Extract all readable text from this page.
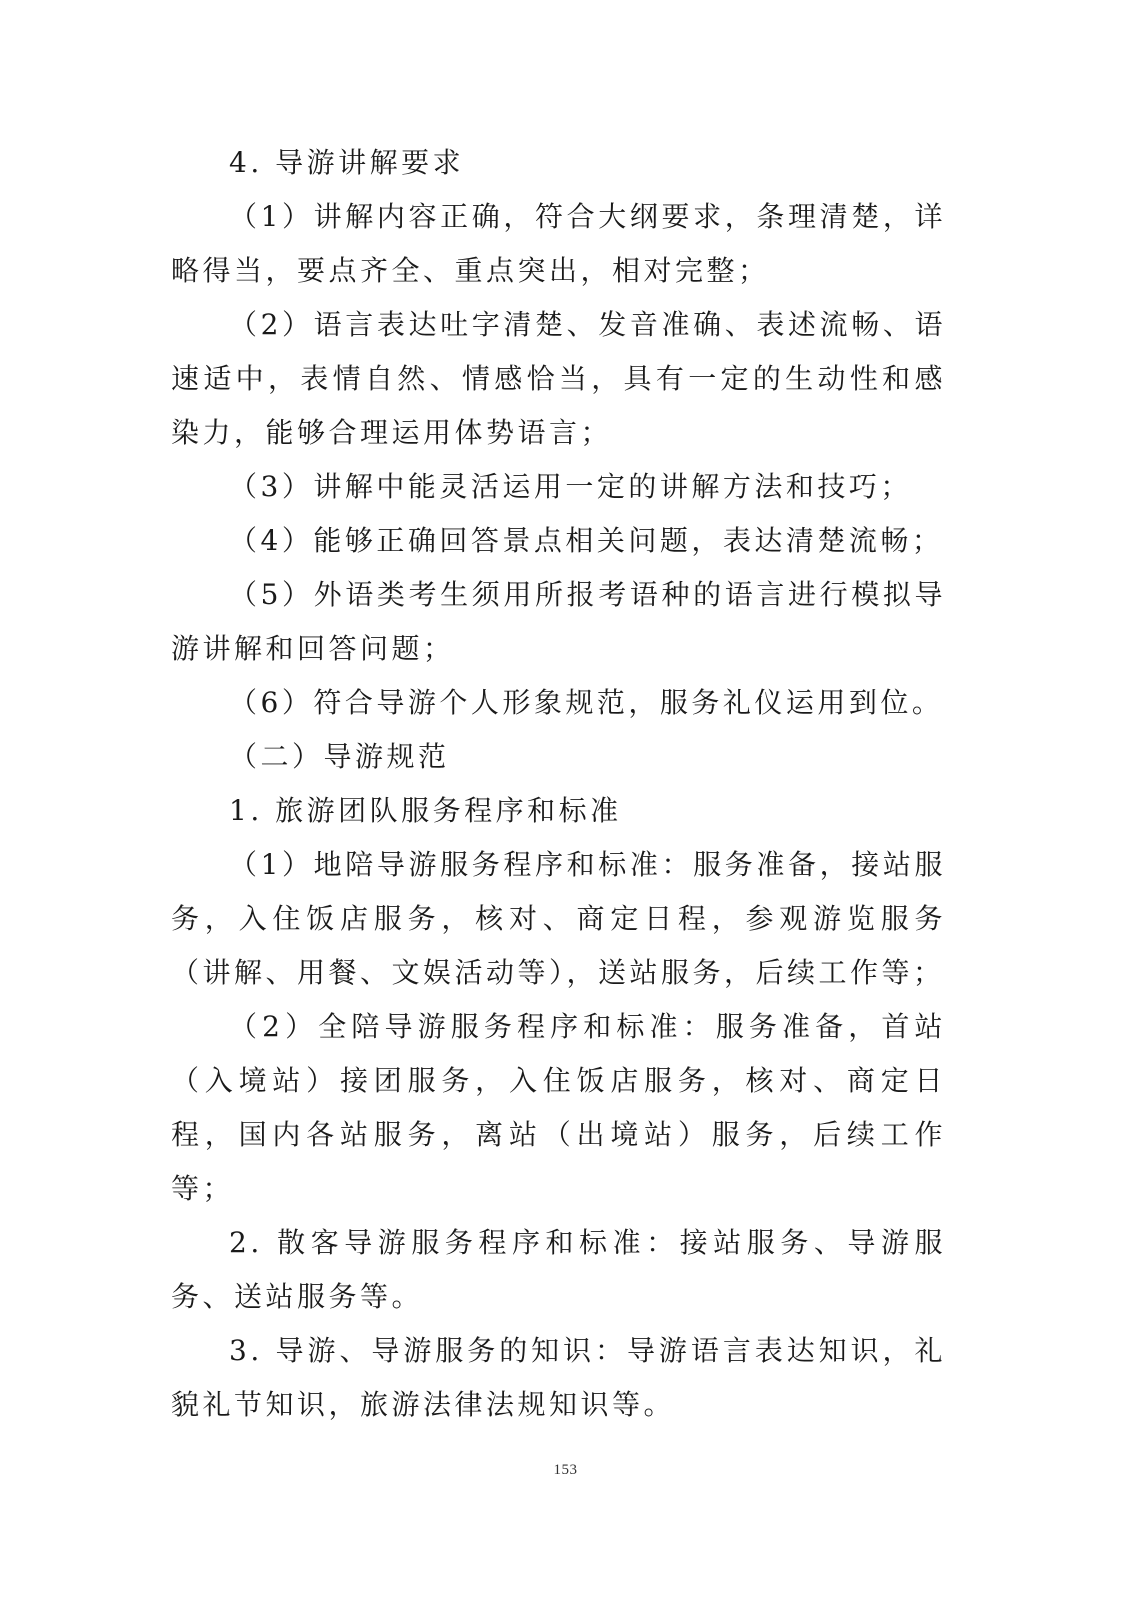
4. 导游讲解要求

（1）讲解内容正确，符合大纲要求，条理清楚，详略得当，要点齐全、重点突出，相对完整；

（2）语言表达吐字清楚、发音准确、表述流畅、语速适中，表情自然、情感恰当，具有一定的生动性和感染力，能够合理运用体势语言；

（3）讲解中能灵活运用一定的讲解方法和技巧；

（4）能够正确回答景点相关问题，表达清楚流畅；

（5）外语类考生须用所报考语种的语言进行模拟导游讲解和回答问题；

（6）符合导游个人形象规范，服务礼仪运用到位。

（二）导游规范

1. 旅游团队服务程序和标准

（1）地陪导游服务程序和标准：服务准备，接站服务，入住饭店服务，核对、商定日程，参观游览服务（讲解、用餐、文娱活动等），送站服务，后续工作等；

（2）全陪导游服务程序和标准：服务准备，首站（入境站）接团服务，入住饭店服务，核对、商定日程，国内各站服务，离站（出境站）服务，后续工作等；

2. 散客导游服务程序和标准：接站服务、导游服务、送站服务等。

3. 导游、导游服务的知识：导游语言表达知识，礼貌礼节知识，旅游法律法规知识等。

153
